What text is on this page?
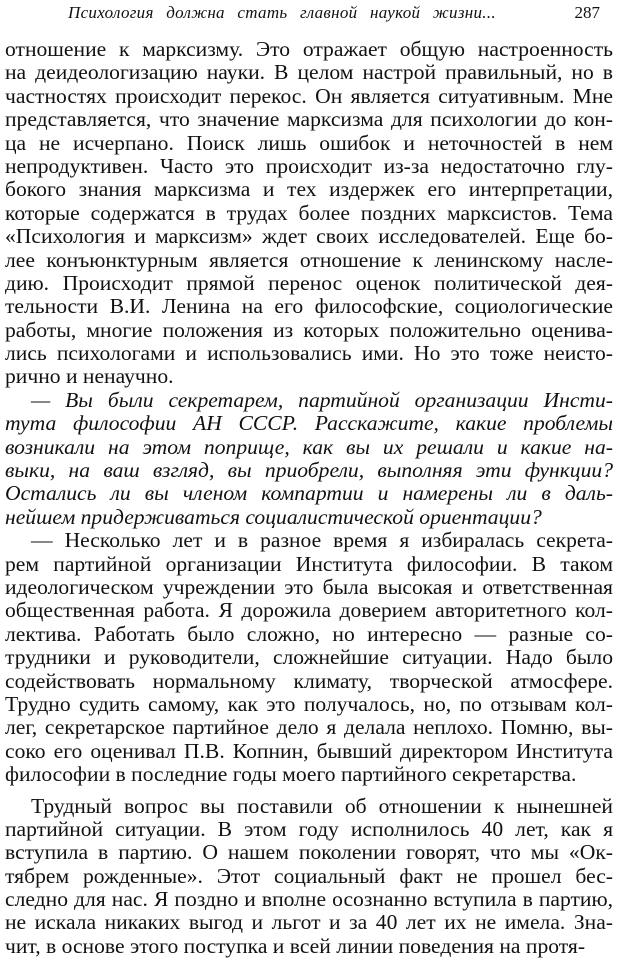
Психология должна стать главной наукой жизни...	287
отношение к марксизму. Это отражает общую настроенность
на деидеологизацию науки. В целом настрой правильный, но в
частностях происходит перекос. Он является ситуативным. Мне
представляется, что значение марксизма для психологии до кон-
ца не исчерпано. Поиск лишь ошибок и неточностей в нем
непродуктивен. Часто это происходит из-за недостаточно глу-
бокого знания марксизма и тех издержек его интерпретации,
которые содержатся в трудах более поздних марксистов. Тема
«Психология и марксизм» ждет своих исследователей. Еще бо-
лее конъюнктурным является отношение к ленинскому насле-
дию. Происходит прямой перенос оценок политической дея-
тельности В.И. Ленина на его философские, социологические
работы, многие положения из которых положительно оценива-
лись психологами и использовались ими. Но это тоже неисто-
рично и ненаучно.
— Вы были секретарем, партийной организации Инсти-
тута философии АН СССР. Расскажите, какие проблемы
возникали на этом поприще, как вы их решали и какие на-
выки, на ваш взгляд, вы приобрели, выполняя эти функции?
Остались ли вы членом компартии и намерены ли в даль-
нейшем придерживаться социалистической ориентации?
— Несколько лет и в разное время я избиралась секрета-
рем партийной организации Института философии. В таком
идеологическом учреждении это была высокая и ответственная
общественная работа. Я дорожила доверием авторитетного кол-
лектива. Работать было сложно, но интересно — разные со-
трудники и руководители, сложнейшие ситуации. Надо было
содействовать нормальному климату, творческой атмосфере.
Трудно судить самому, как это получалось, но, по отзывам кол-
лег, секретарское партийное дело я делала неплохо. Помню, вы-
соко его оценивал П.В. Копнин, бывший директором Института
философии в последние годы моего партийного секретарства.
Трудный вопрос вы поставили об отношении к нынешней
партийной ситуации. В этом году исполнилось 40 лет, как я
вступила в партию. О нашем поколении говорят, что мы «Ок-
тябрем рожденные». Этот социальный факт не прошел бес-
следно для нас. Я поздно и вполне осознанно вступила в партию,
не искала никаких выгод и льгот и за 40 лет их не имела. Зна-
чит, в основе этого поступка и всей линии поведения на протя-
